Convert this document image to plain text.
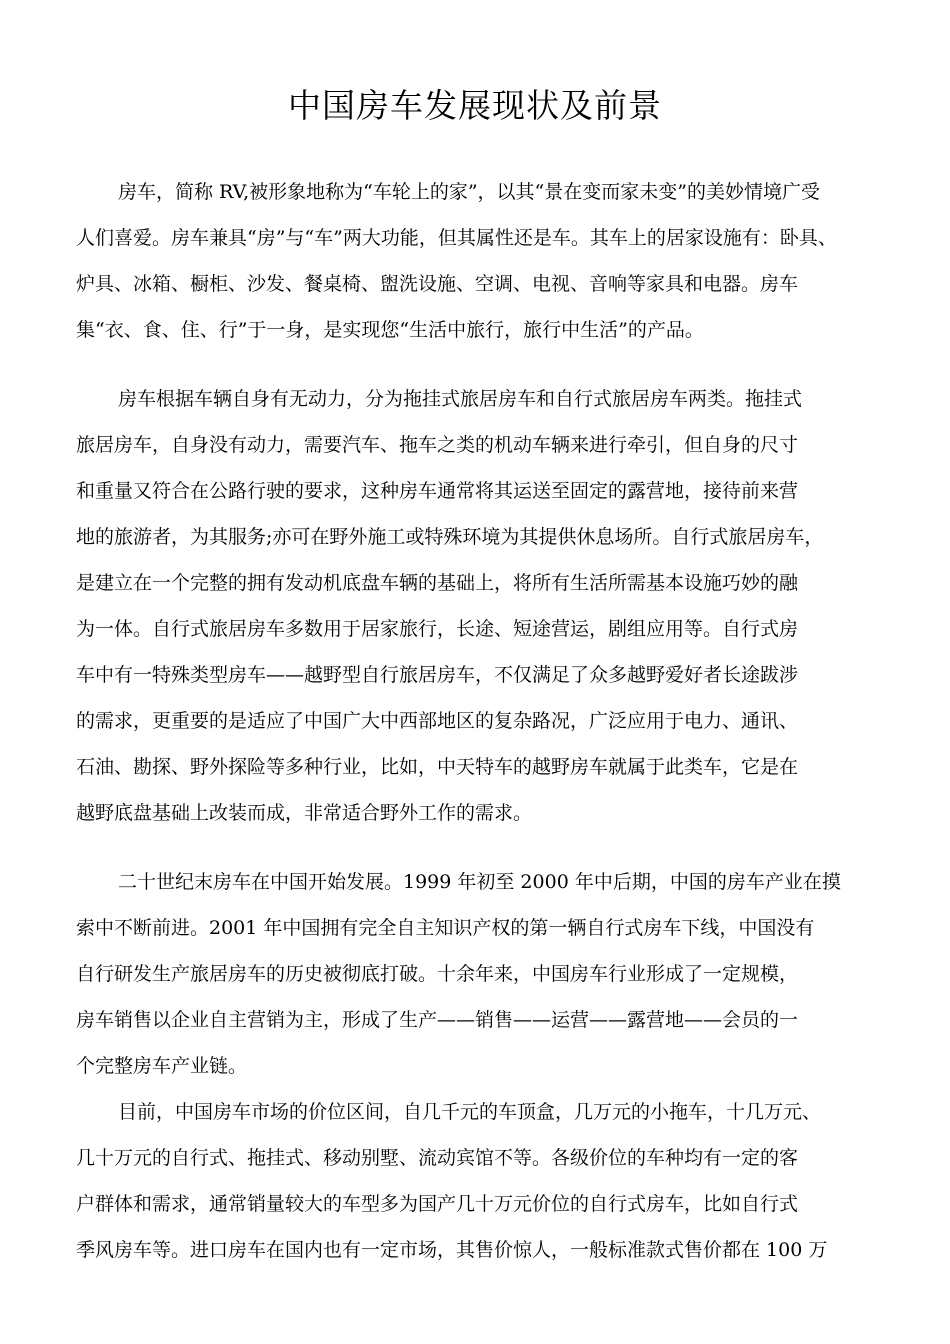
中国房车发展现状及前景
房车，简称 RV,被形象地称为“车轮上的家”，以其“景在变而家未变”的美妙情境广受
人们喜爱。房车兼具“房”与“车”两大功能，但其属性还是车。其车上的居家设施有：卧具、
炉具、冰箱、橱柜、沙发、餐桌椅、盥洗设施、空调、电视、音响等家具和电器。房车
集“衣、食、住、行”于一身，是实现您“生活中旅行，旅行中生活”的产品。
房车根据车辆自身有无动力，分为拖挂式旅居房车和自行式旅居房车两类。拖挂式
旅居房车，自身没有动力，需要汽车、拖车之类的机动车辆来进行牵引，但自身的尺寸
和重量又符合在公路行驶的要求，这种房车通常将其运送至固定的露营地，接待前来营
地的旅游者，为其服务;亦可在野外施工或特殊环境为其提供休息场所。自行式旅居房车，
是建立在一个完整的拥有发动机底盘车辆的基础上，将所有生活所需基本设施巧妙的融
为一体。自行式旅居房车多数用于居家旅行，长途、短途营运，剧组应用等。自行式房
车中有一特殊类型房车——越野型自行旅居房车，不仅满足了众多越野爱好者长途跋涉
的需求，更重要的是适应了中国广大中西部地区的复杂路况，广泛应用于电力、通讯、
石油、勘探、野外探险等多种行业，比如，中天特车的越野房车就属于此类车，它是在
越野底盘基础上改装而成，非常适合野外工作的需求。
二十世纪末房车在中国开始发展。1999 年初至 2000 年中后期，中国的房车产业在摸
索中不断前进。2001 年中国拥有完全自主知识产权的第一辆自行式房车下线，中国没有
自行研发生产旅居房车的历史被彻底打破。十余年来，中国房车行业形成了一定规模，
房车销售以企业自主营销为主，形成了生产——销售——运营——露营地——会员的一
个完整房车产业链。
目前，中国房车市场的价位区间，自几千元的车顶盒，几万元的小拖车，十几万元、
几十万元的自行式、拖挂式、移动别墅、流动宾馆不等。各级价位的车种均有一定的客
户群体和需求，通常销量较大的车型多为国产几十万元价位的自行式房车，比如自行式
季风房车等。进口房车在国内也有一定市场，其售价惊人，一般标准款式售价都在 100 万
